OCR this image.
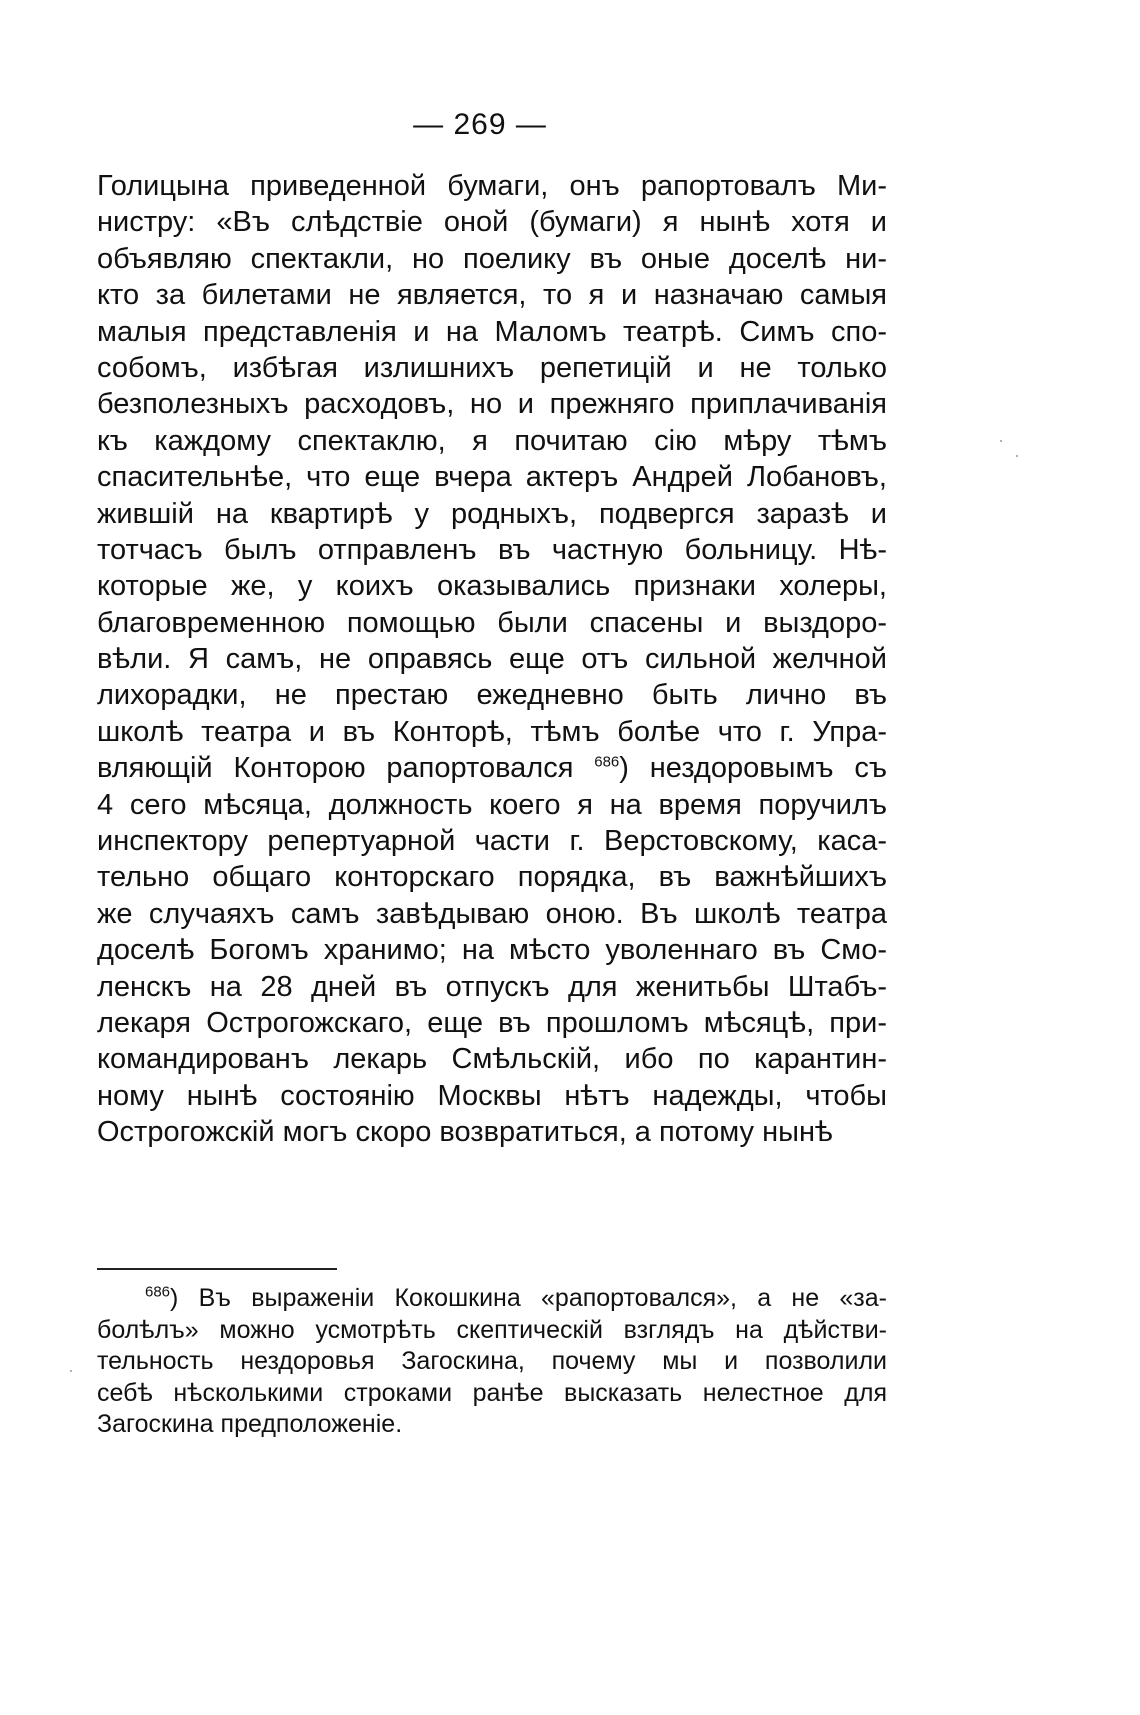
— 269 —
Голицына приведенной бумаги, онъ рапортовалъ Ми-
нистру: «Въ слѣдствіе оной (бумаги) я нынѣ хотя и
объявляю спектакли, но поелику въ оные доселѣ ни-
кто за билетами не является, то я и назначаю самыя
малыя представленія и на Маломъ театрѣ. Симъ спо-
собомъ, избѣгая излишнихъ репетицій и не только
безполезныхъ расходовъ, но и прежняго приплачиванія
къ каждому спектаклю, я почитаю сію мѣру тѣмъ
спасительнѣе, что еще вчера актеръ Андрей Лобановъ,
жившій на квартирѣ у родныхъ, подвергся заразѣ и
тотчасъ былъ отправленъ въ частную больницу. Нѣ-
которые же, у коихъ оказывались признаки холеры,
благовременною помощью были спасены и выздоро-
вѣли. Я самъ, не оправясь еще отъ сильной желчной
лихорадки, не престаю ежедневно быть лично въ
школѣ театра и въ Конторѣ, тѣмъ болѣе что г. Упра-
вляющій Конторою рапортовался $^{686}$) нездоровымъ съ
4 сего мѣсяца, должность коего я на время поручилъ
инспектору репертуарной части г. Верстовскому, каса-
тельно общаго конторскаго порядка, въ важнѣйшихъ
же случаяхъ самъ завѣдываю оною. Въ школѣ театра
доселѣ Богомъ хранимо; на мѣсто уволеннаго въ Смо-
ленскъ на 28 дней въ отпускъ для женитьбы Штабъ-
лекаря Острогожскаго, еще въ прошломъ мѣсяцѣ, при-
командированъ лекарь Смѣльскій, ибо по карантин-
ному нынѣ состоянію Москвы нѣтъ надежды, чтобы
Острогожскій могъ скоро возвратиться, а потому нынѣ
$^{686}$) Въ выраженіи Кокошкина «рапортовался», а не «за-
болѣлъ» можно усмотрѣть скептическій взглядъ на дѣйстви-
тельность нездоровья Загоскина, почему мы и позволили
себѣ нѣсколькими строками ранѣе высказать нелестное для
Загоскина предположеніе.
